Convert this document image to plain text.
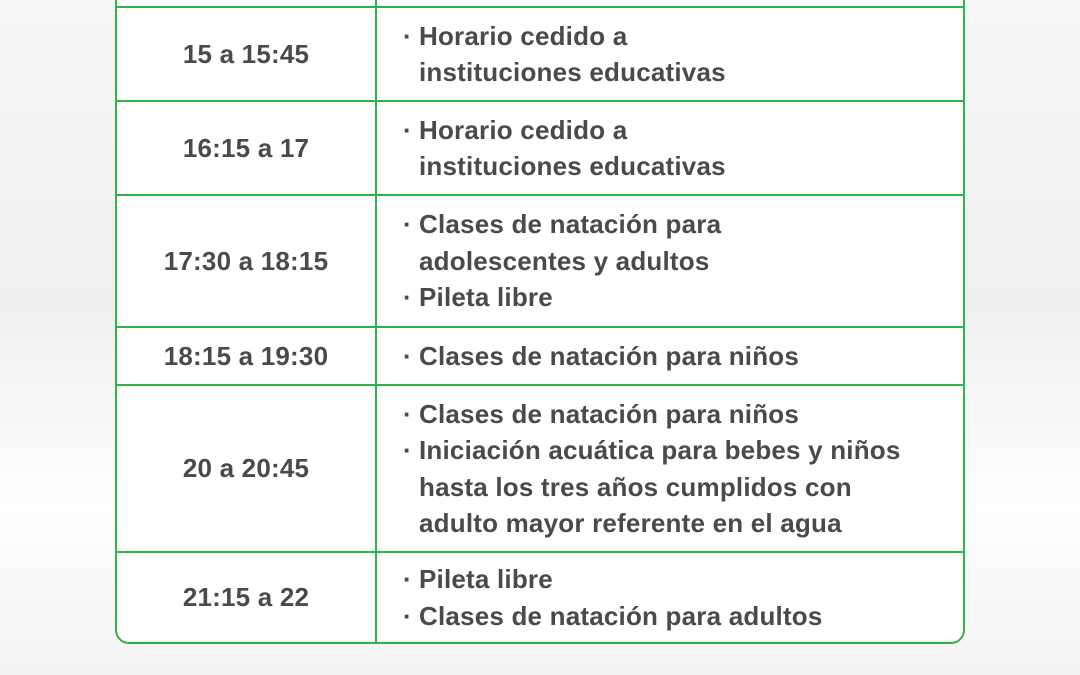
15 a 15:45
· Horario cedido a
instituciones educativas
16:15 a 17
· Horario cedido a
instituciones educativas
17:30 a 18:15
· Clases de natación para
adolescentes y adultos
· Pileta libre
18:15 a 19:30	· Clases de natación para niños
20 a 20:45
· Clases de natación para niños
· Iniciación acuática para bebes y niños
hasta los tres años cumplidos con
adulto mayor referente en el agua
21:15 a 22
· Pileta libre
· Clases de natación para adultos
